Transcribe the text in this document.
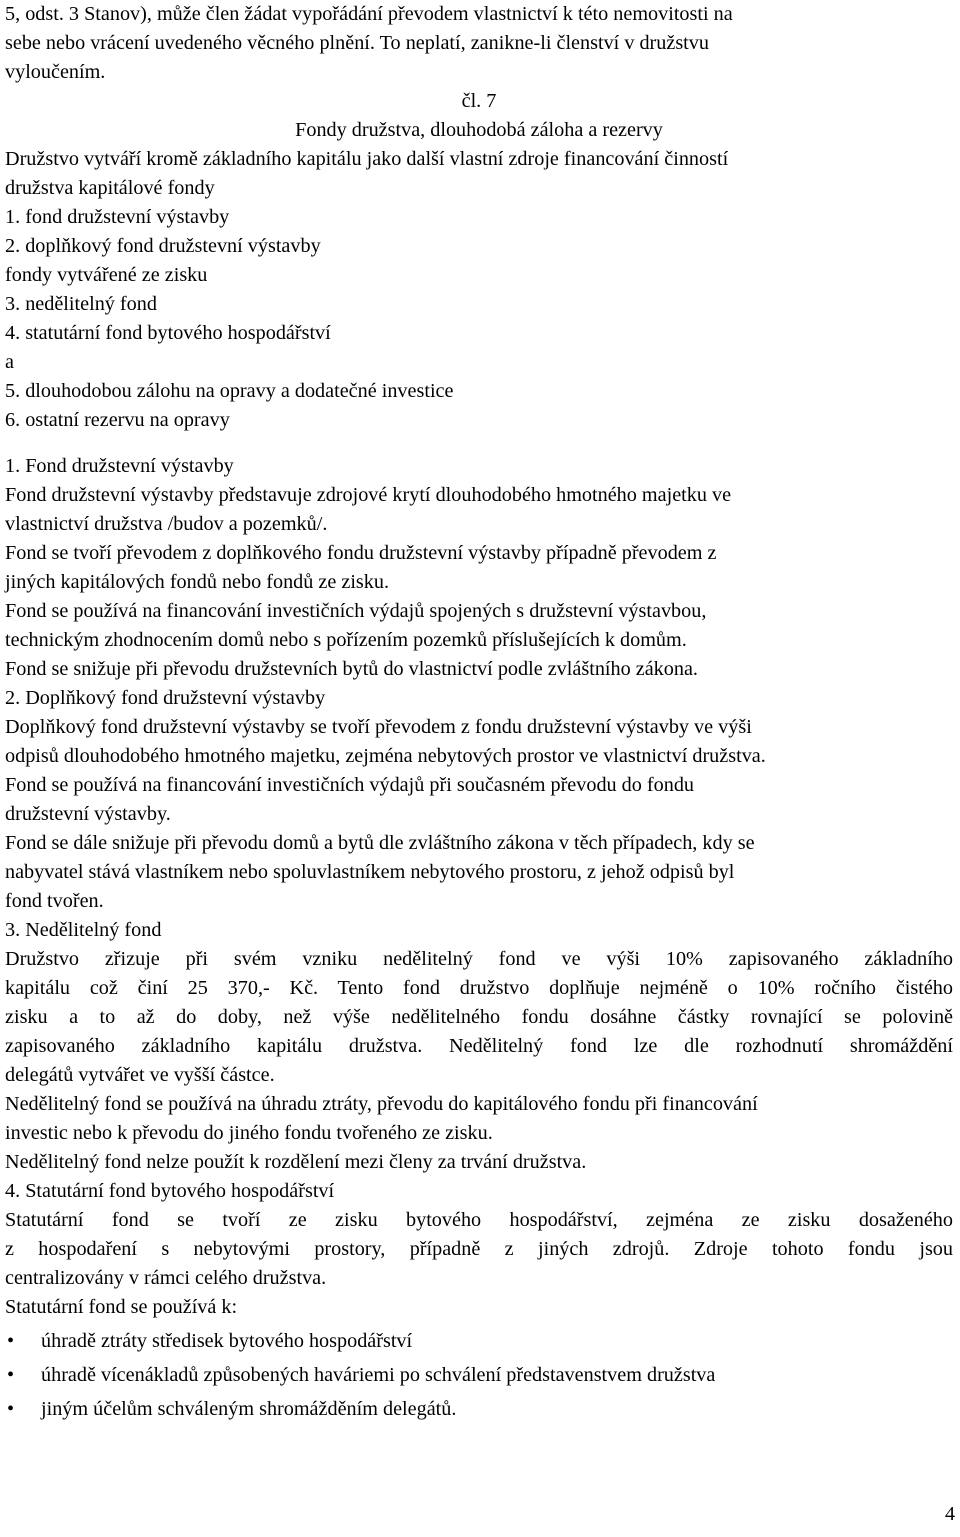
5, odst. 3 Stanov), může člen žádat vypořádání převodem vlastnictví k této nemovitosti na
sebe nebo vrácení uvedeného věcného plnění. To neplatí, zanikne-li členství v družstvu
vyloučením.
čl. 7
Fondy družstva, dlouhodobá záloha a rezervy
Družstvo vytváří kromě základního kapitálu jako další vlastní zdroje financování činností
družstva kapitálové fondy
1. fond družstevní výstavby
2. doplňkový fond družstevní výstavby
fondy vytvářené ze zisku
3. nedělitelný fond
4. statutární fond bytového hospodářství
a
5. dlouhodobou zálohu na opravy a dodatečné investice
6. ostatní rezervu na opravy
1. Fond družstevní výstavby
Fond družstevní výstavby představuje zdrojové krytí dlouhodobého hmotného majetku ve
vlastnictví družstva /budov a pozemků/.
Fond se tvoří převodem z doplňkového fondu družstevní výstavby případně převodem z
jiných kapitálových fondů nebo fondů ze zisku.
Fond se používá na financování investičních výdajů spojených s družstevní výstavbou,
technickým zhodnocením domů nebo s pořízením pozemků příslušejících k domům.
Fond se snižuje při převodu družstevních bytů do vlastnictví podle zvláštního zákona.
2. Doplňkový fond družstevní výstavby
Doplňkový fond družstevní výstavby se tvoří převodem z fondu družstevní výstavby ve výši
odpisů dlouhodobého hmotného majetku, zejména nebytových prostor ve vlastnictví družstva.
Fond se používá na financování investičních výdajů při současném převodu do fondu
družstevní výstavby.
Fond se dále snižuje při převodu domů a bytů dle zvláštního zákona v těch případech, kdy se
nabyvatel stává vlastníkem nebo spoluvlastníkem nebytového prostoru, z jehož odpisů byl
fond tvořen.
3. Nedělitelný fond
Družstvo zřizuje při svém vzniku nedělitelný fond ve výši 10% zapisovaného základního
kapitálu což činí 25 370,- Kč. Tento fond družstvo doplňuje nejméně o 10% ročního čistého
zisku a to až do doby, než výše nedělitelného fondu dosáhne částky rovnající se polovině
zapisovaného základního kapitálu družstva. Nedělitelný fond lze dle rozhodnutí shromáždění
delegátů vytvářet ve vyšší částce.
Nedělitelný fond se používá na úhradu ztráty, převodu do kapitálového fondu při financování
investic nebo k převodu do jiného fondu tvořeného ze zisku.
Nedělitelný fond nelze použít k rozdělení mezi členy za trvání družstva.
4. Statutární fond bytového hospodářství
Statutární fond se tvoří ze zisku bytového hospodářství, zejména ze zisku dosaženého
z hospodaření s nebytovými prostory, případně z jiných zdrojů. Zdroje tohoto fondu jsou
centralizovány v rámci celého družstva.
Statutární fond se používá k:
•	úhradě ztráty středisek bytového hospodářství
•	úhradě vícenákladů způsobených haváriemi po schválení představenstvem družstva
•	jiným účelům schváleným shromážděním delegátů.
4
